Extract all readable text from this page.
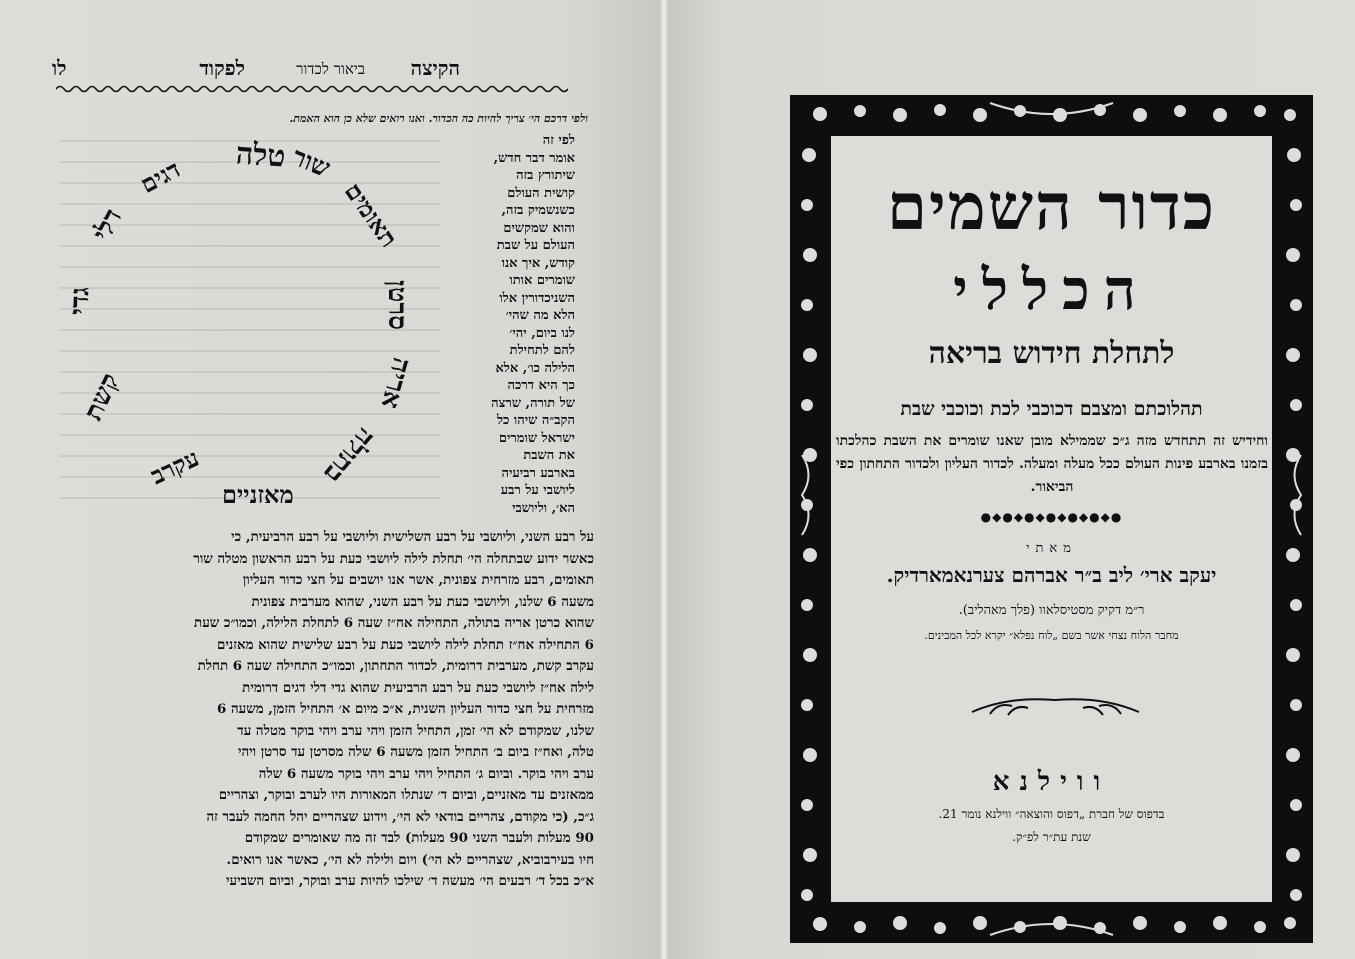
לו	הקיצה
ביאור לכדור
לפקוד
ולפי דרכם הי׳ צריך להיות כה הכדור. ואנו רואים שלא כן הוא האמת.
טלה שור
תאומים
סרטן
אריה
בתולה
מאזניים
עקרב
קשת
גדי
דלי
דגים
לפי זה
אומר דבר חדש,
שיתורץ בזה
קושית העולם
כשנשמיק בזה,
והוא שמקשים
העולם על שבת
קודש, איך אנו
שומרים אותו
השניכדורין אלו
הלא מה שהי׳
לנו ביום, יהי׳
להם לתחילת
הלילה כו׳, אלא
כך היא דרכה
של תורה, שרצה
הקב״ה שיהו כל
ישראל שומרים
את השבת
בארבע רביעיה
ליושבי על רבע
הא׳, וליושבי
על רבע השני, וליושבי על רבע השלישית וליושבי על רבע הרביעית, כי
כאשר ידוע שבתחלה הי׳ תחלת לילה ליושבי כעת על רבע הראשון מטלה שור
תאומים, רבע מזרחית צפונית, אשר אנו יושבים על חצי כדור העליון
משעה 6 שלנו, וליושבי כעת על רבע השני, שהוא מערבית צפונית
שהוא כרטן אריה בתולה, התחילה אח״ז שעה 6 לתחלת הלילה, וכמו״כ שעת
6 התחילה אח״ז תחלת לילה ליושבי כעת על רבע שלישית שהוא מאזנים
עקרב קשת, מערבית דרומית, לכדור התחתון, וכמו״כ התחילה שעה 6 תחלת
לילה אח״ז ליושבי כעת על רבע הרביעית שהוא גדי דלי דגים דרומית
מזרחית על חצי כדור העליון השנית, א״כ מיום א׳ התחיל הזמן, משעה 6
שלנו, שמקודם לא הי׳ זמן, התחיל הזמן ויהי ערב ויהי בוקר מטלה עד
טלה, ואח״ז ביום ב׳ התחיל הזמן משעה 6 שלה מסרטן עד סרטן ויהי
ערב ויהי בוקר. וביום ג׳ התחיל ויהי ערב ויהי בוקר משעה 6 שלה
ממאזנים עד מאזניים, וביום ד׳ שנתלו המאורות היו לערב ובוקר, וצהריים
ג״כ, (כי מקודם, צהריים בודאי לא הי׳, וידוע שצהריים יהל החמה לעבר זה
90 מעלות ולעבר השני 90 מעלות) לבד זה מה שאומרים שמקודם
חיו בעירבוביא, שצהריים לא הי׳) ויום ולילה לא הי׳, כאשר אנו רואים.
א״כ בכל ד׳ רבעים הי׳ מעשה ד׳ שילכו להיות ערב ובוקר, וביום השביעי
כדור השמים
הכללי
לתחלת חידוש בריאה
תהלוכתם ומצבם דכוכבי לכת וכוכבי שבת
וחידיש זה תתחדש מזה ג״כ שממילא מובן שאנו שומרים את השבת כהלכתו בזמנו בארבע פינות העולם ככל מעלה ומעלה. לכדור העליון ולכדור התחתון כפי הביאור.
●◆●◆●◆●◆●◆●◆●
מאתי
יעקב ארי׳ ליב ב״ר אברהם צערנאמארדיק.
ר״מ דקיק מסטיסלאוו (פלך מאהליב).
מחבר הלוח נצחי אשר בשם „לוח נפלא״ יקרא לכל המבינים.
ווילנא
בדפוס של חברת „דפוס והוצאה״ ווילנא נומר 21.
שנת עת״ר לפ״ק.
